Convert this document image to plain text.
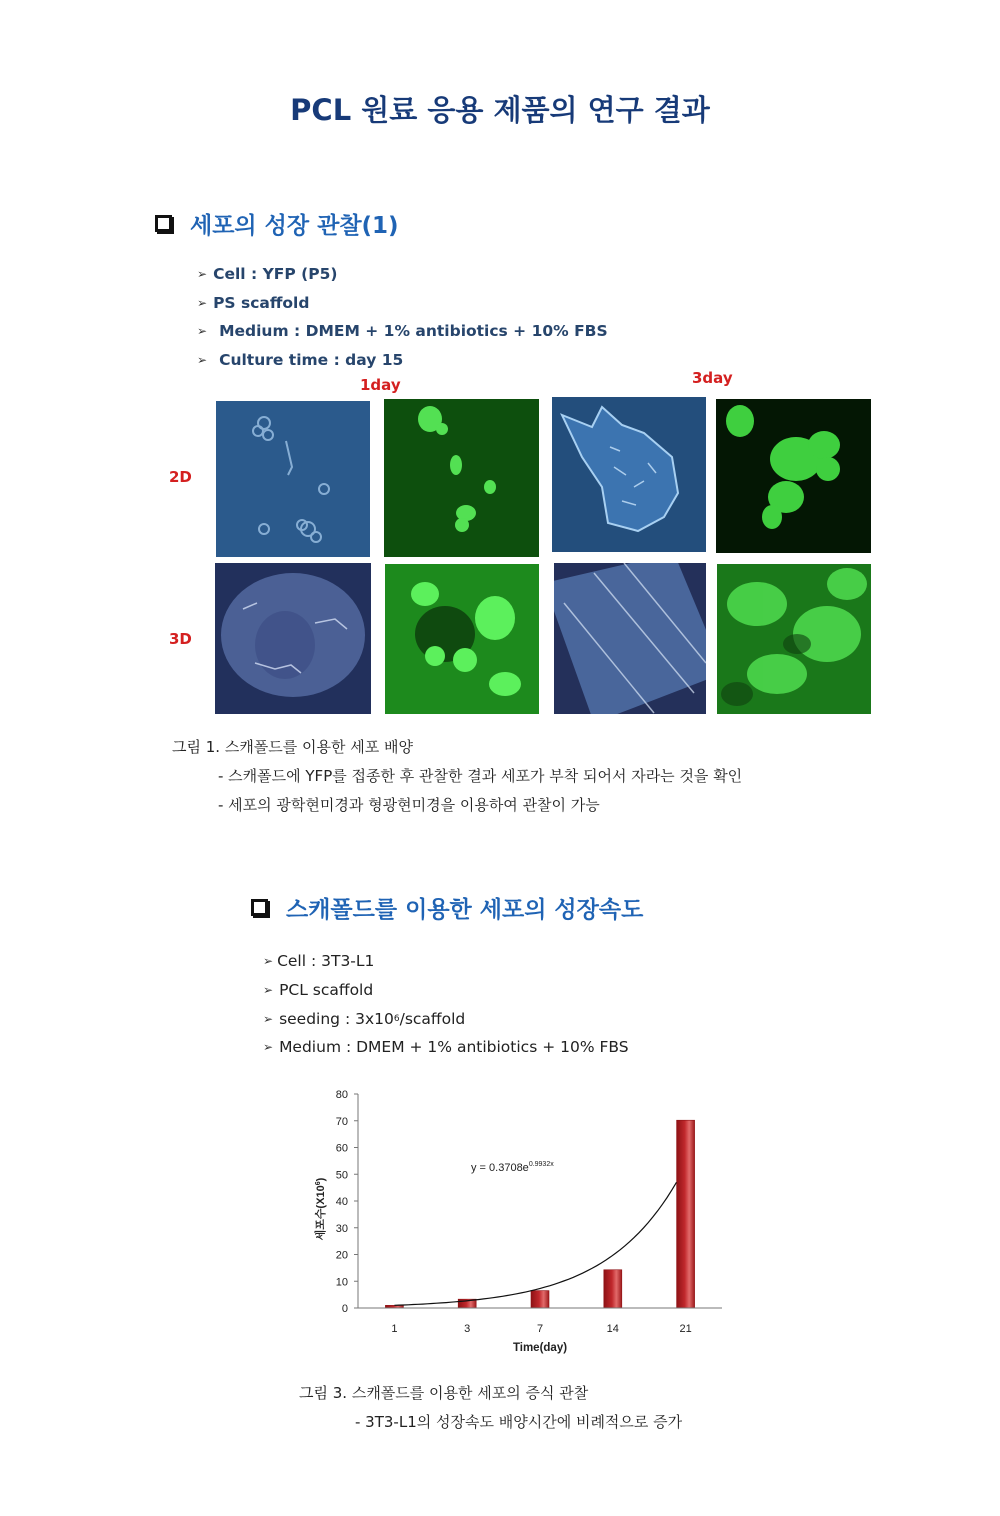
PCL 원료 응용 제품의 연구 결과
세포의 성장 관찰(1)
➢ Cell : YFP (P5)
➢ PS scaffold
➢ Medium : DMEM + 1% antibiotics + 10% FBS
➢ Culture time : day 15
1day	3day
2D
3D
그림 1. 스캐폴드를 이용한 세포 배양
- 스캐폴드에 YFP를 접종한 후 관찰한 결과 세포가 부착 되어서 자라는 것을 확인
- 세포의 광학현미경과 형광현미경을 이용하여 관찰이 가능
스캐폴드를 이용한 세포의 성장속도
➢ Cell : 3T3-L1
➢ PCL scaffold
➢ seeding : 3x10 6 /scaffold
➢ Medium : DMEM + 1% antibiotics + 10% FBS
0
10
20
30
40
50
60
70
80
1	3	7	14	21
$y = 0.3708e^{0.9932x}$
Time(day)
세포수$(X10^6)$
그림 3. 스캐폴드를 이용한 세포의 증식 관찰
- 3T3-L1의 성장속도 배양시간에 비례적으로 증가
